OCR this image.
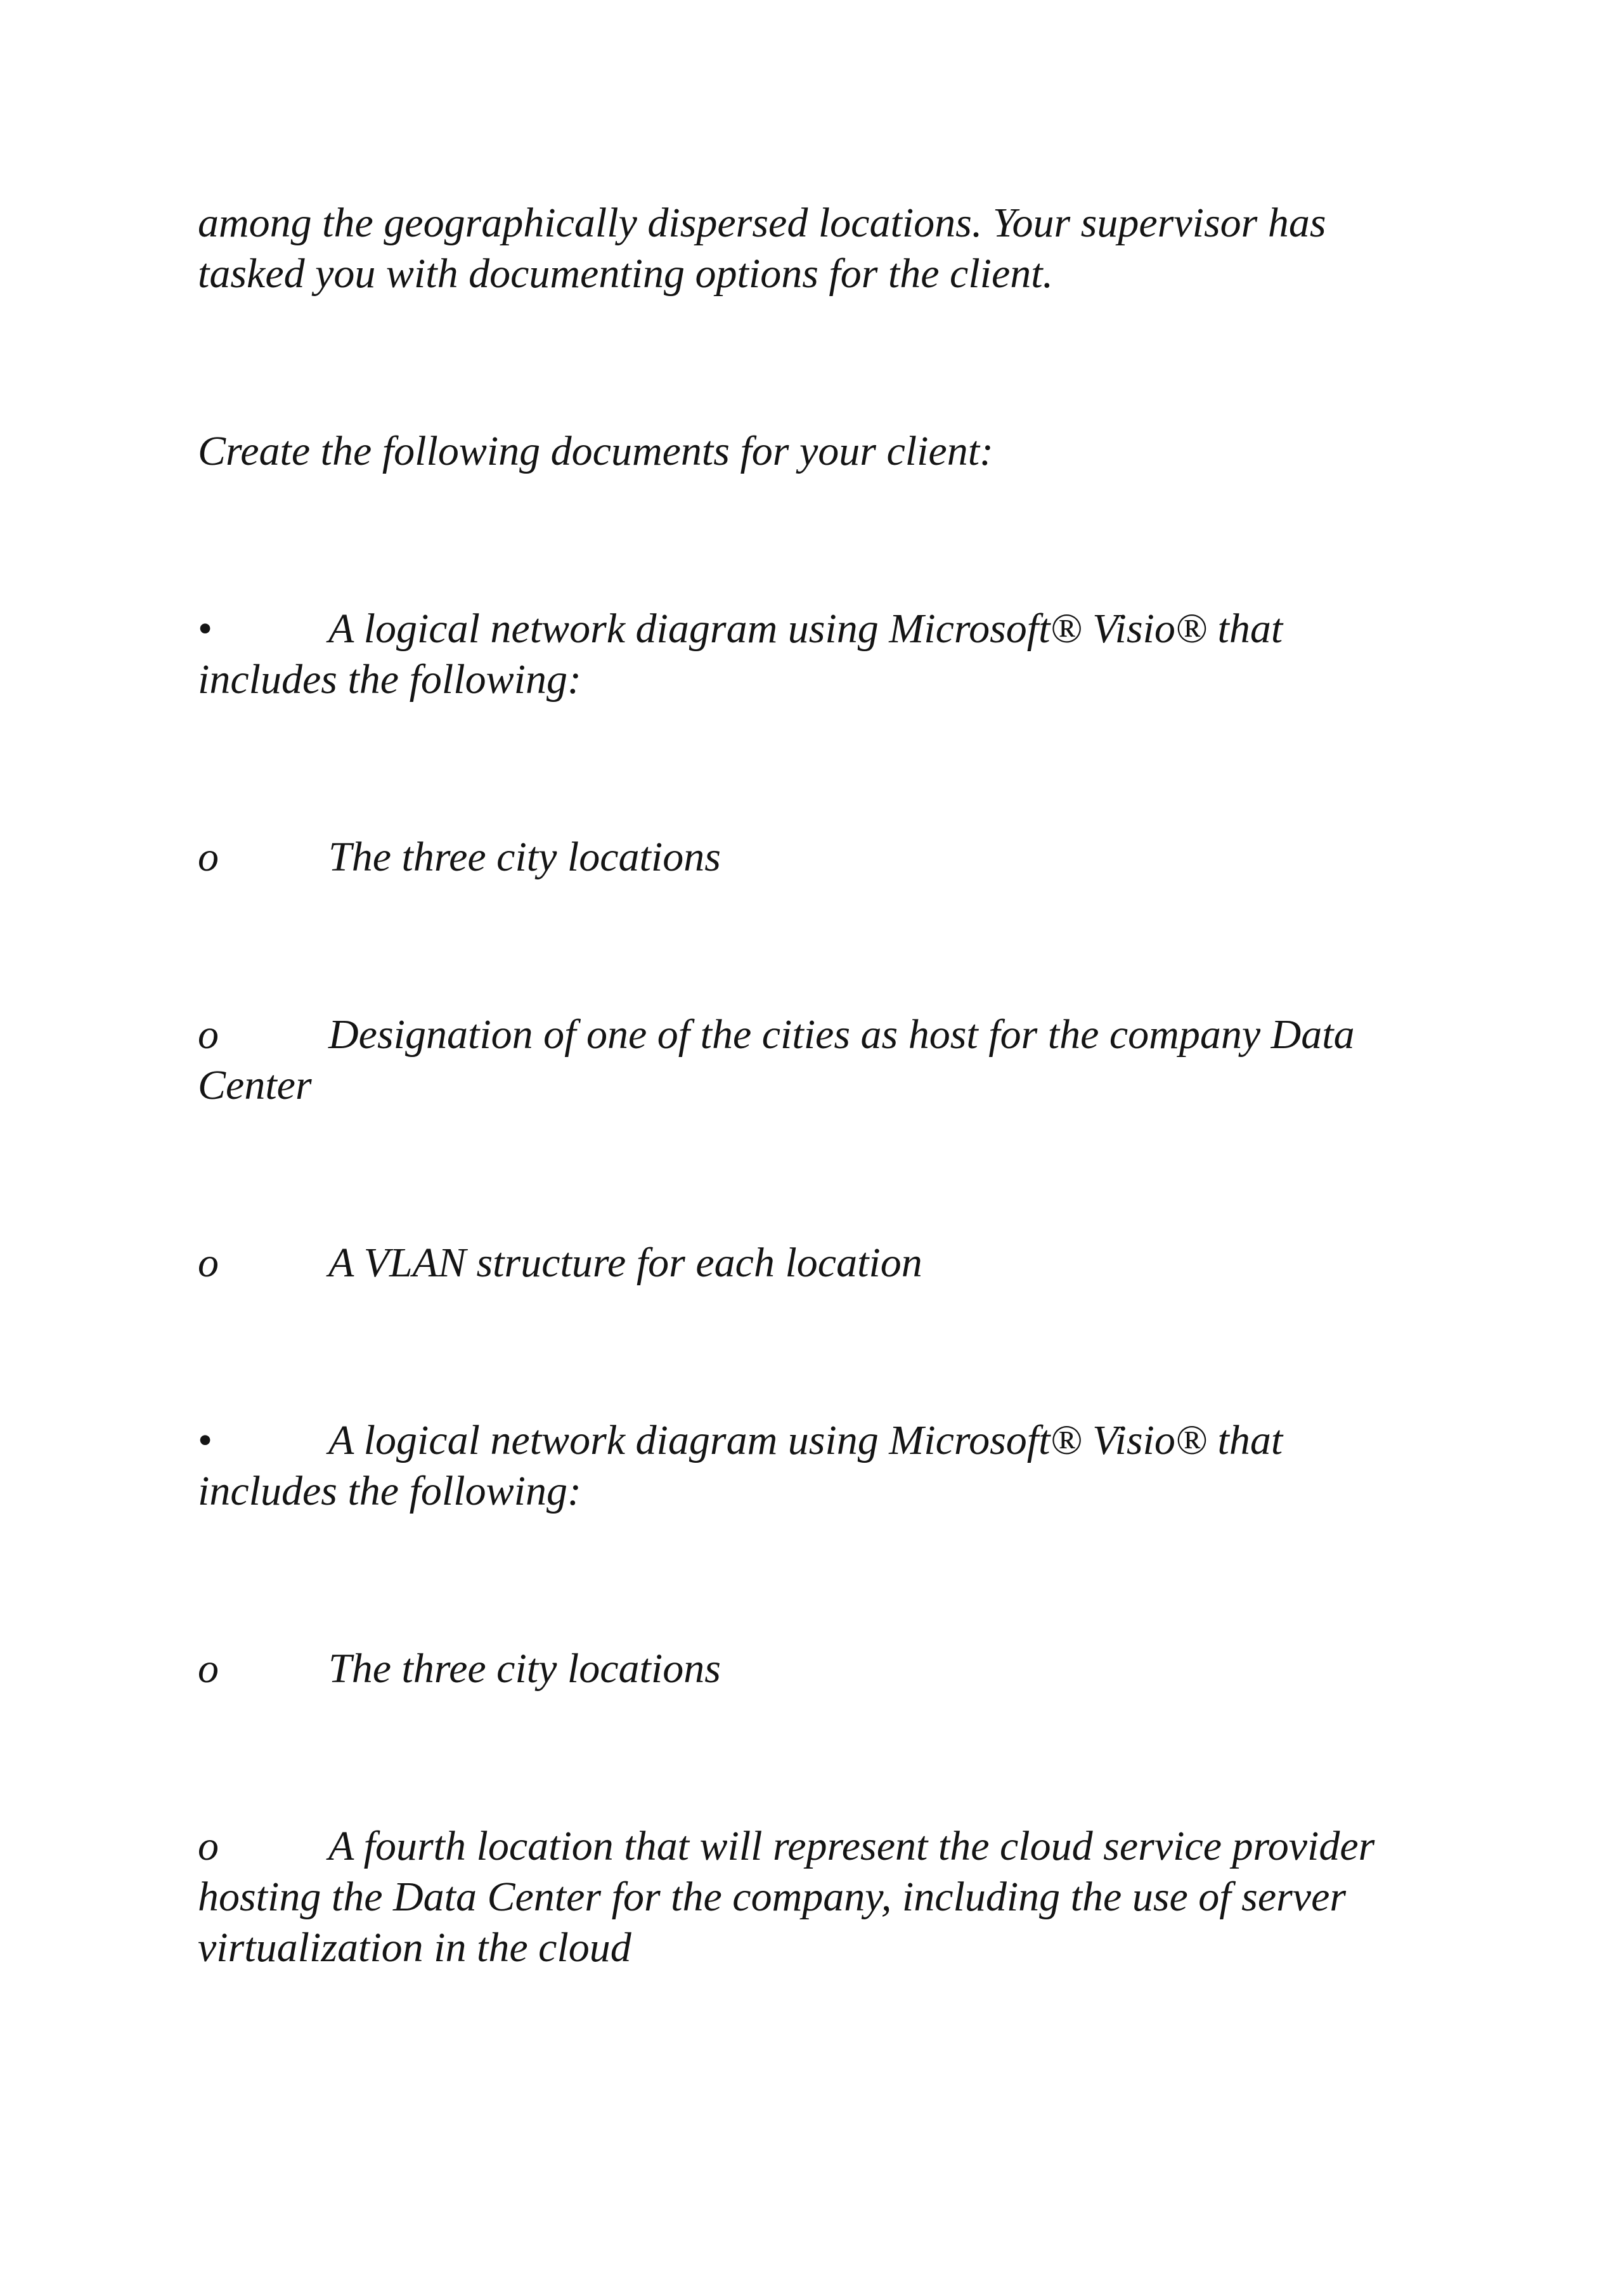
among the geographically dispersed locations. Your supervisor has

tasked you with documenting options for the client.

Create the following documents for your client:

•	A logical network diagram using Microsoft® Visio® that

includes the following:

o	The three city locations

o	Designation of one of the cities as host for the company Data

Center

o	A VLAN structure for each location

•	A logical network diagram using Microsoft® Visio® that

includes the following:

o	The three city locations

o	A fourth location that will represent the cloud service provider

hosting the Data Center for the company, including the use of server

virtualization in the cloud
